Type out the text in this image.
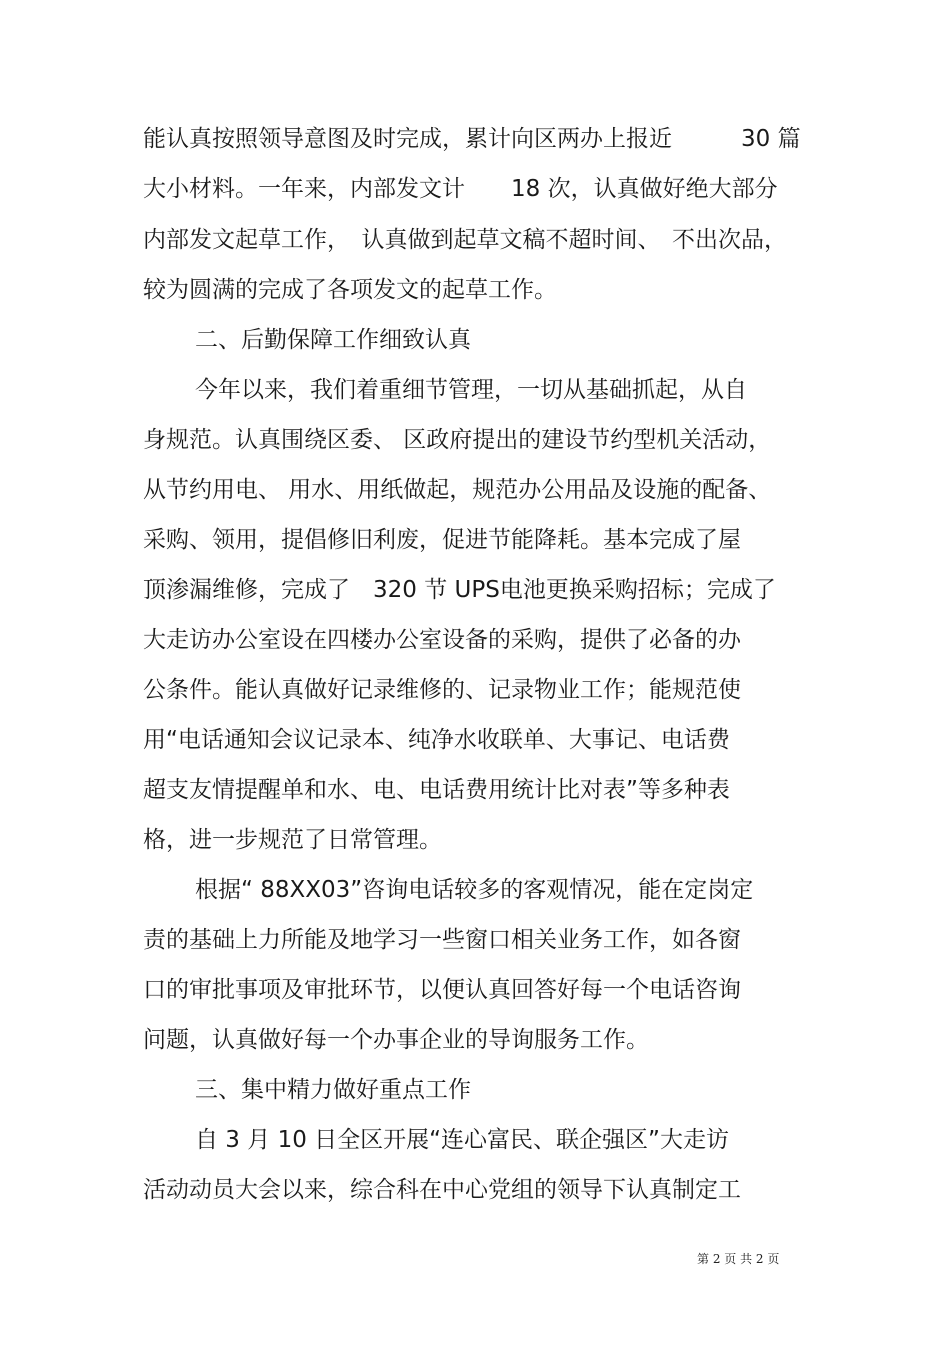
能认真按照领导意图及时完成，累计向区两办上报近　　　30 篇
大小材料。一年来，内部发文计　　18 次，认真做好绝大部分
内部发文起草工作，　认真做到起草文稿不超时间、　不出次品，
较为圆满的完成了各项发文的起草工作。
二、后勤保障工作细致认真
今年以来，我们着重细节管理，一切从基础抓起，从自
身规范。认真围绕区委、 区政府提出的建设节约型机关活动，
从节约用电、 用水、用纸做起，规范办公用品及设施的配备、
采购、领用，提倡修旧利废，促进节能降耗。基本完成了屋
顶渗漏维修，完成了　320 节 UPS电池更换采购招标；完成了
大走访办公室设在四楼办公室设备的采购，提供了必备的办
公条件。能认真做好记录维修的、记录物业工作；能规范使
用“电话通知会议记录本、纯净水收联单、大事记、电话费
超支友情提醒单和水、电、电话费用统计比对表”等多种表
格，进一步规范了日常管理。
根据“ 88XX03”咨询电话较多的客观情况，能在定岗定
责的基础上力所能及地学习一些窗口相关业务工作，如各窗
口的审批事项及审批环节，以便认真回答好每一个电话咨询
问题，认真做好每一个办事企业的导询服务工作。
三、集中精力做好重点工作
自 3 月 10 日全区开展“连心富民、联企强区”大走访
活动动员大会以来，综合科在中心党组的领导下认真制定工
第 2 页 共 2 页
